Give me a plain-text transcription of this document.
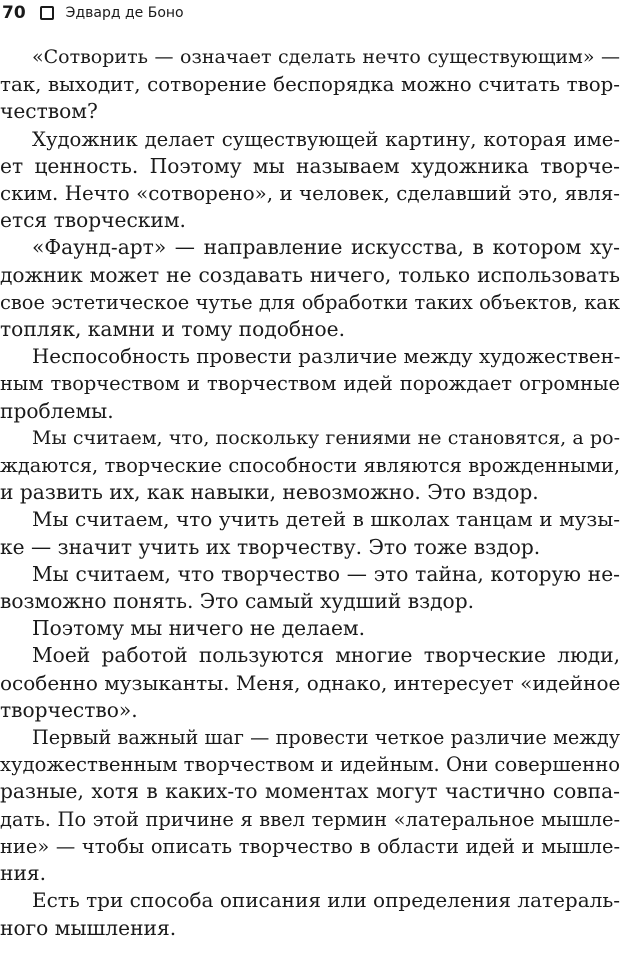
70	Эдвард де Боно
«Сотворить — означает сделать нечто существующим» —
так, выходит, сотворение беспорядка можно считать твор-
чеством?
Художник делает существующей картину, которая име-
ет ценность. Поэтому мы называем художника творче-
ским. Нечто «сотворено», и человек, сделавший это, явля-
ется творческим.
«Фаунд-арт» — направление искусства, в котором ху-
дожник может не создавать ничего, только использовать
свое эстетическое чутье для обработки таких объектов, как
топляк, камни и тому подобное.
Неспособность провести различие между художествен-
ным творчеством и творчеством идей порождает огромные
проблемы.
Мы считаем, что, поскольку гениями не становятся, а ро-
ждаются, творческие способности являются врожденными,
и развить их, как навыки, невозможно. Это вздор.
Мы считаем, что учить детей в школах танцам и музы-
ке — значит учить их творчеству. Это тоже вздор.
Мы считаем, что творчество — это тайна, которую не-
возможно понять. Это самый худший вздор.
Поэтому мы ничего не делаем.
Моей работой пользуются многие творческие люди,
особенно музыканты. Меня, однако, интересует «идейное
творчество».
Первый важный шаг — провести четкое различие между
художественным творчеством и идейным. Они совершенно
разные, хотя в каких-то моментах могут частично совпа-
дать. По этой причине я ввел термин «латеральное мышле-
ние» — чтобы описать творчество в области идей и мышле-
ния.
Есть три способа описания или определения латераль-
ного мышления.
